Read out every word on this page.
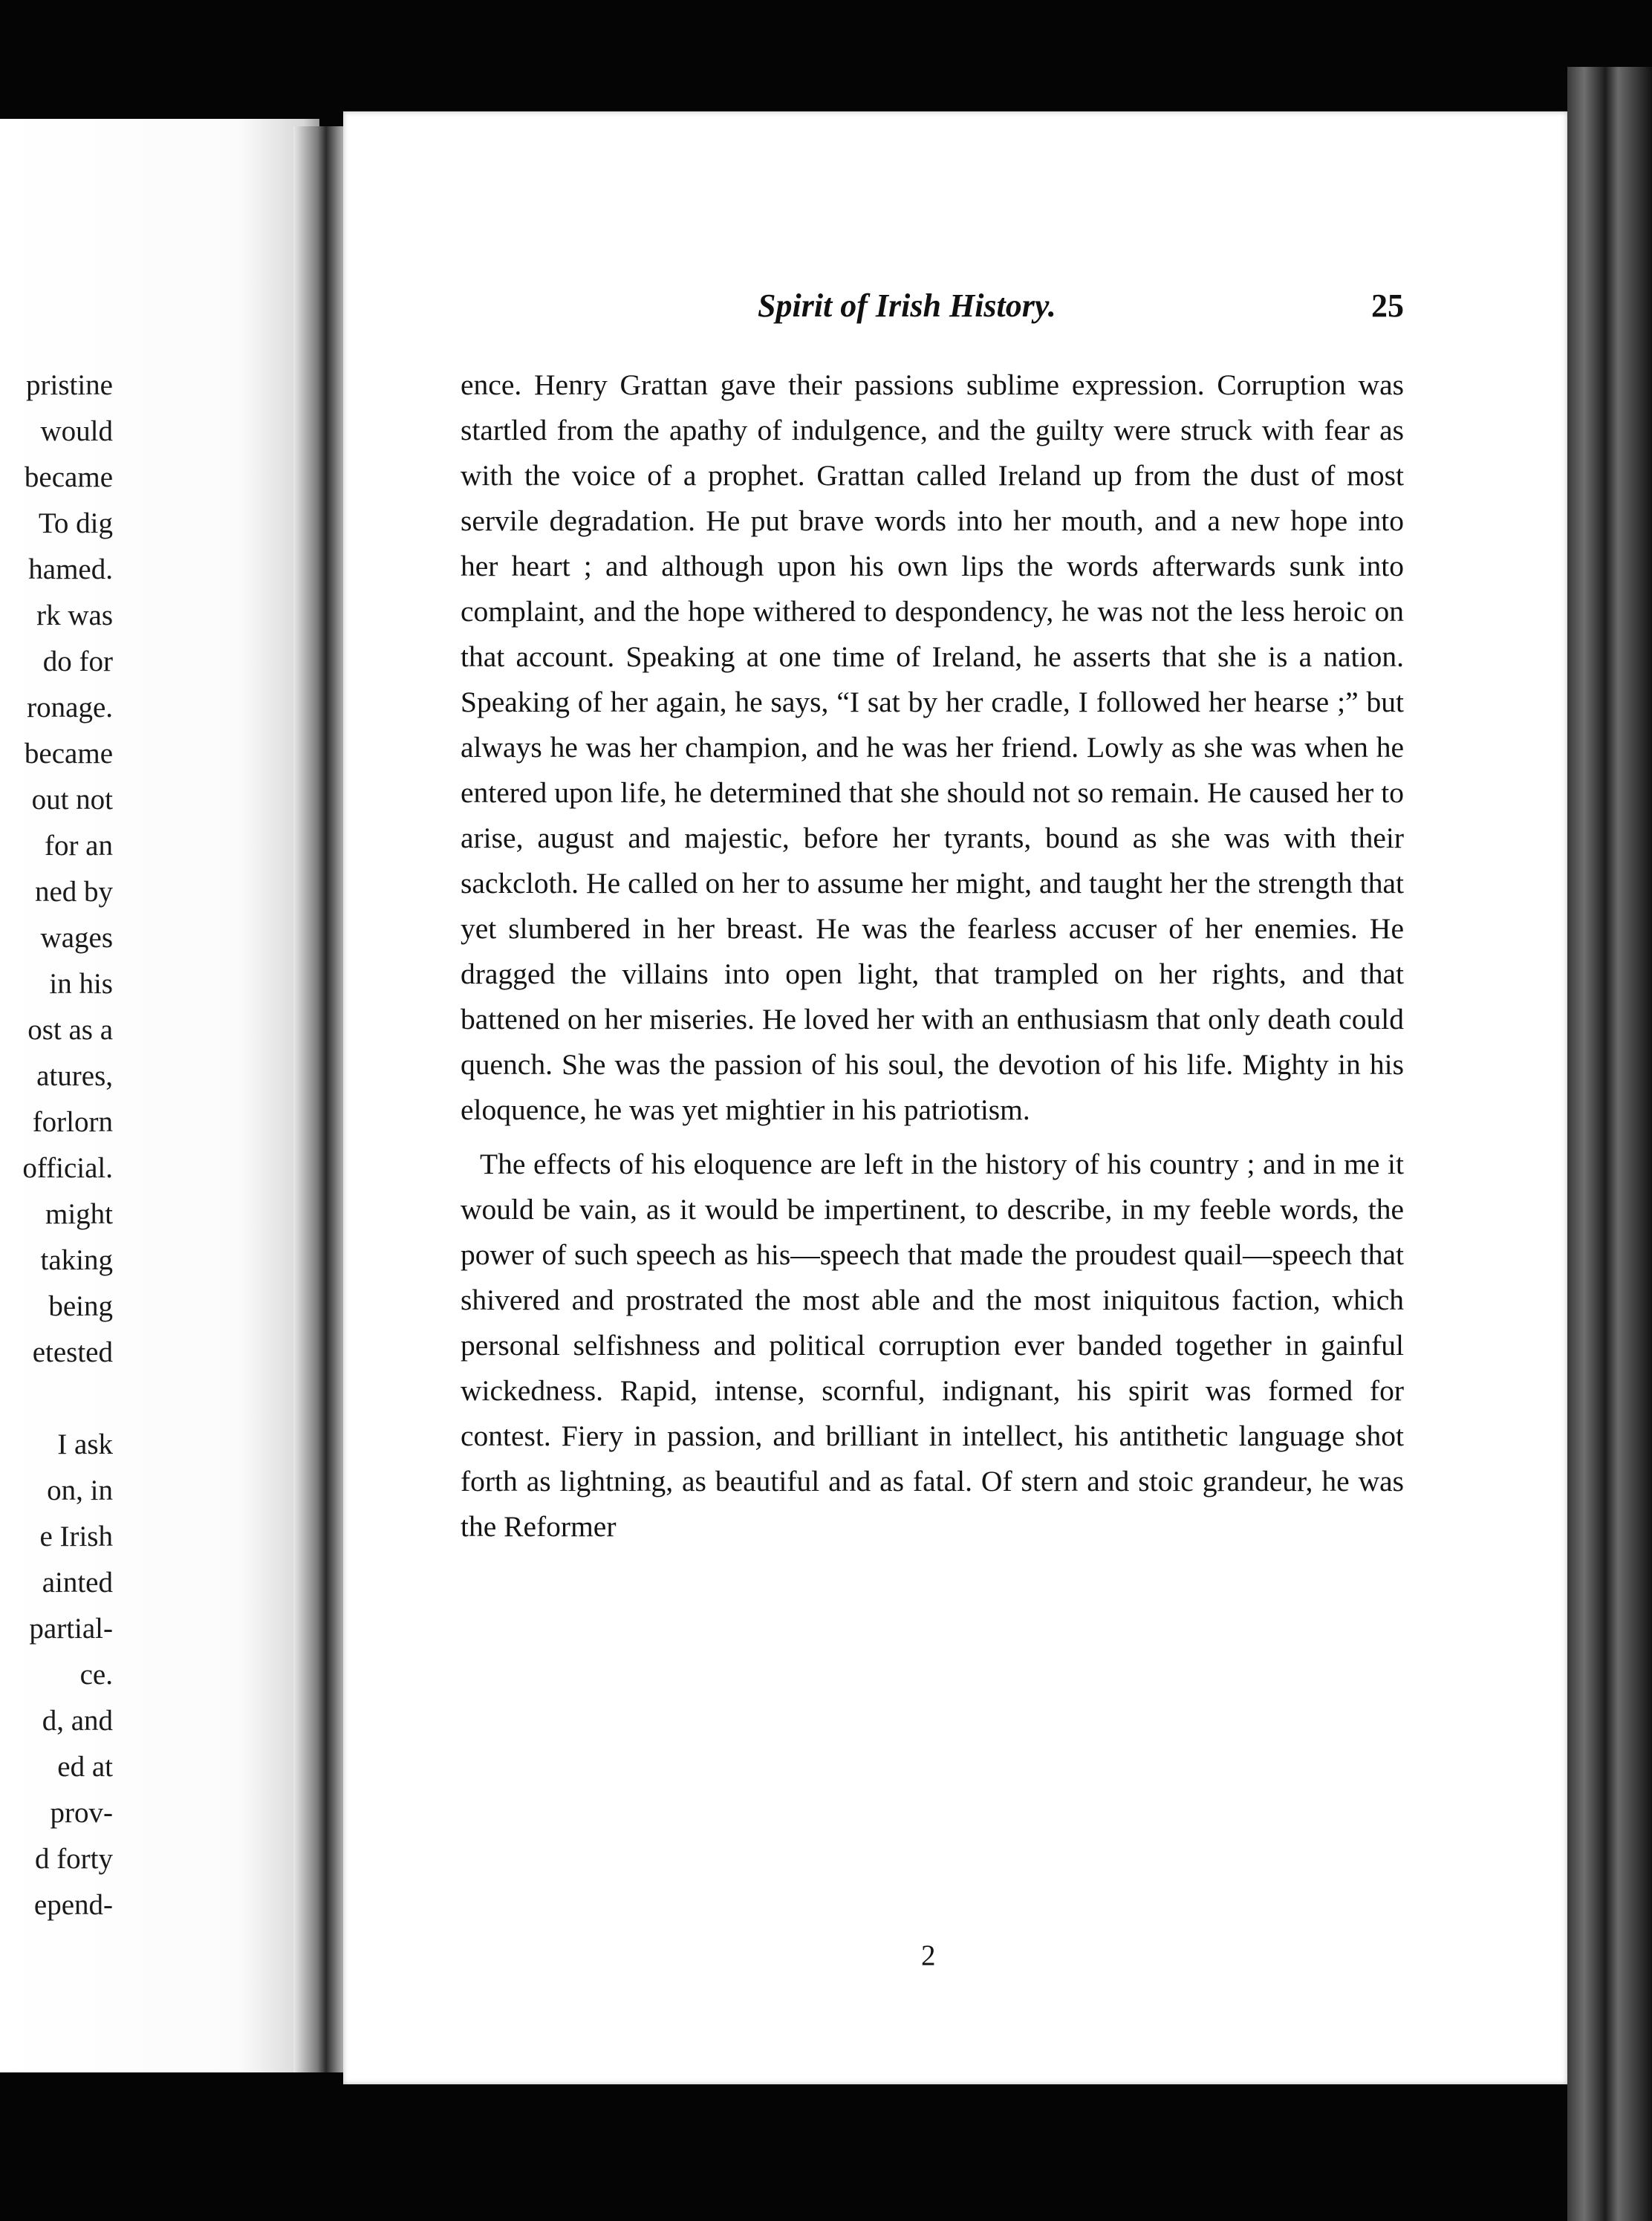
pristine
would
became
To dig
hamed.
rk was
do for
ronage.
became
out not
for an
ned by
wages
in his
ost as a
atures,
forlorn
official.
might
taking
being
etested
I ask
on, in
e Irish
ainted
partial-
ce.
d, and
ed at
prov-
d forty
epend-
Spirit of Irish History.	25

ence. Henry Grattan gave their passions sublime expression. Corruption was startled from the apathy of indulgence, and the guilty were struck with fear as with the voice of a prophet. Grattan called Ireland up from the dust of most servile degradation. He put brave words into her mouth, and a new hope into her heart ; and although upon his own lips the words afterwards sunk into complaint, and the hope withered to despondency, he was not the less heroic on that account. Speaking at one time of Ireland, he asserts that she is a nation. Speaking of her again, he says, “I sat by her cradle, I followed her hearse ;” but always he was her champion, and he was her friend. Lowly as she was when he entered upon life, he determined that she should not so remain. He caused her to arise, august and majestic, before her tyrants, bound as she was with their sackcloth. He called on her to assume her might, and taught her the strength that yet slumbered in her breast. He was the fearless accuser of her enemies. He dragged the villains into open light, that trampled on her rights, and that battened on her miseries. He loved her with an enthusiasm that only death could quench. She was the passion of his soul, the devotion of his life. Mighty in his eloquence, he was yet mightier in his patriotism.

The effects of his eloquence are left in the history of his country ; and in me it would be vain, as it would be impertinent, to describe, in my feeble words, the power of such speech as his—speech that made the proudest quail—speech that shivered and prostrated the most able and the most iniquitous faction, which personal selfishness and political corruption ever banded together in gainful wickedness. Rapid, intense, scornful, indignant, his spirit was formed for contest. Fiery in passion, and brilliant in intellect, his antithetic language shot forth as lightning, as beautiful and as fatal. Of stern and stoic grandeur, he was the Reformer

2
